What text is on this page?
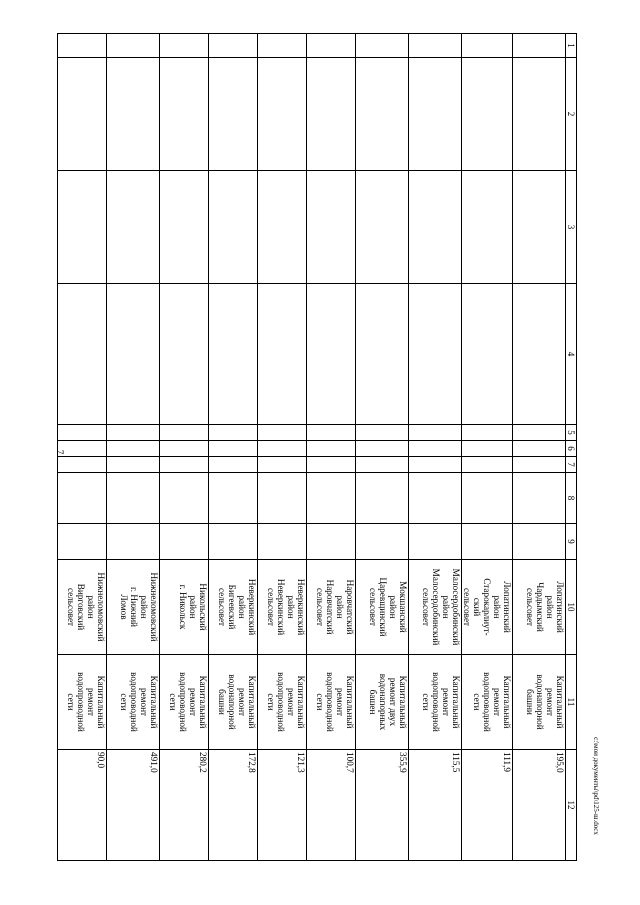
7
c:\мои документы\pd\125-ш.docx
1	2	3	4	5	6	7	8	9	10	11	12
									Лопатинский
район
Чардымский
сельсовет	Капитальный
ремонт
водонапорной
башни	195,0
									Лопатинский
район
Старокарлиут-
ский
сельсовет	Капитальный
ремонт
водопроводной
сети	111,9
									Малосердобинский
район
Малосердобинский
сельсовет	Капитальный
ремонт
водопроводной
сети	115,5
									Мокшанский
район
Царевщинский
сельсовет	Капитальный
ремонт двух
водонапорных
башен	355,9
									Наровчатский
район
Наровчатский
сельсовет	Капитальный
ремонт
водопроводной
сети	100,7
									Неверкинский
район
Неверкинский
сельсовет	Капитальный
ремонт
водопроводной
сети	121,3
									Неверкинский
район
Бигеевский
сельсовет	Капитальный
ремонт
водонапорной
башни	172,8
									Никольский
район
г. Никольск	Капитальный
ремонт
водопроводной
сети	280,2
									Нижнеломовский
район
г. Нижний
Ломов	Капитальный
ремонт
водопроводной
сети	491,0
									Нижнеломовский
район
Вирговский
сельсовет	Капитальный
ремонт
водопроводной
сети	90,0
